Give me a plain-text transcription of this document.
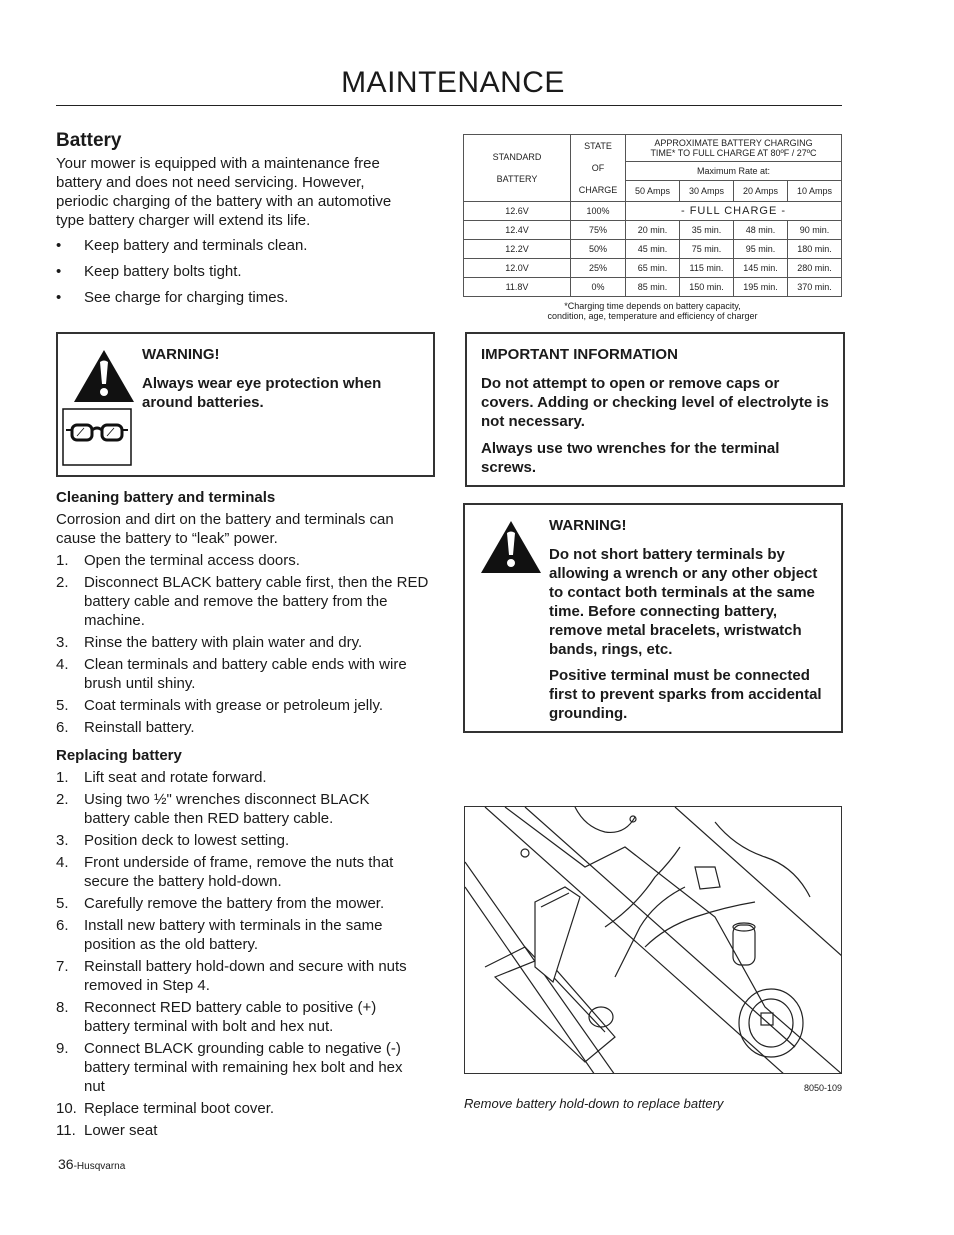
MAINTENANCE
Battery
Your mower is equipped with a maintenance free battery and does not need servicing. However, periodic charging of the battery with an automotive type battery charger will extend its life.
• Keep battery and terminals clean.
• Keep battery bolts tight.
• See charge for charging times.
WARNING!
Always wear eye protection when around batteries.
Cleaning battery and terminals
Corrosion and dirt on the battery and terminals can cause the battery to “leak” power.
1. Open the terminal access doors.
2. Disconnect BLACK battery cable first, then the RED battery cable and remove the battery from the machine.
3. Rinse the battery with plain water and dry.
4. Clean terminals and battery cable ends with wire brush until shiny.
5. Coat terminals with grease or petroleum jelly.
6. Reinstall battery.
Replacing battery
1. Lift seat and rotate forward.
2. Using two ½" wrenches disconnect BLACK battery cable then RED battery cable.
3. Position deck to lowest setting.
4. Front underside of frame, remove the nuts that secure the battery hold-down.
5. Carefully remove the battery from the mower.
6. Install new battery with terminals in the same position as the old battery.
7. Reinstall battery hold-down and secure with nuts removed in Step 4.
8. Reconnect RED battery cable to positive (+) battery terminal with bolt and hex nut.
9. Connect BLACK grounding cable to negative (-) battery terminal with remaining hex bolt and hex nut
10. Replace terminal boot cover.
11. Lower seat
36-Husqvarna
STANDARD
BATTERY	STATE
OF
CHARGE	APPROXIMATE BATTERY CHARGING TIME* TO FULL CHARGE AT 80ºF / 27ºC			
		Maximum Rate at:			
		50 Amps	30 Amps	20 Amps	10 Amps
12.6V	100%	- FULL CHARGE -			
12.4V	75%	20 min.	35 min.	48 min.	90 min.
12.2V	50%	45 min.	75 min.	95 min.	180 min.
12.0V	25%	65 min.	115 min.	145 min.	280 min.
11.8V	0%	85 min.	150 min.	195 min.	370 min.
*Charging time depends on battery capacity,
condition, age, temperature and efficiency of charger
IMPORTANT INFORMATION
Do not attempt to open or remove caps or covers. Adding or checking level of electrolyte is not necessary.
Always use two wrenches for the terminal screws.
WARNING!
Do not short battery terminals by allowing a wrench or any other object to contact both terminals at the same time. Before connecting battery, remove metal bracelets, wristwatch bands, rings, etc.
Positive terminal must be connected first to prevent sparks from accidental grounding.
8050-109
Remove battery hold-down to replace battery
